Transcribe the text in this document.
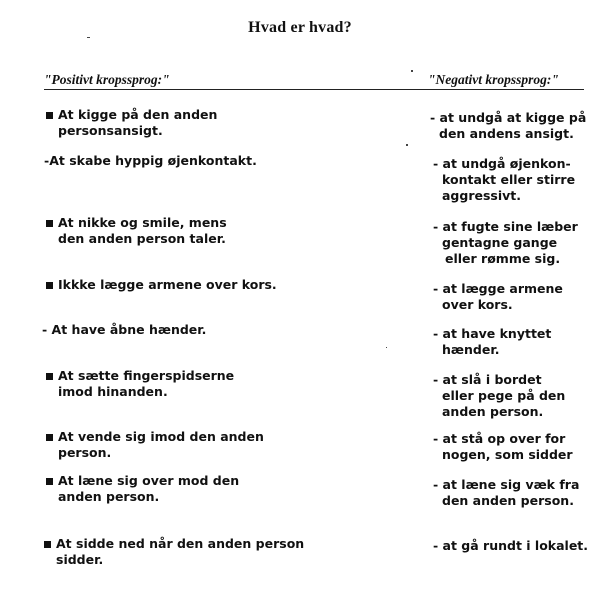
Hvad er hvad?
"Positivt kropssprog:"	"Negativt kropssprog:"
At kigge på den anden
personsansigt.
-At skabe hyppig øjenkontakt.
At nikke og smile, mens
den anden person taler.
Ikkke lægge armene over kors.
- At have åbne hænder.
At sætte fingerspidserne
imod hinanden.
At vende sig imod den anden
person.
At læne sig over mod den
anden person.
At sidde ned når den anden person
sidder.
- at undgå at kigge på
den andens ansigt.
- at undgå øjenkon-
kontakt eller stirre
aggressivt.
- at fugte sine læber
gentagne gange
eller rømme sig.
- at lægge armene
over kors.
- at have knyttet
hænder.
- at slå i bordet
eller pege på den
anden person.
- at stå op over for
nogen, som sidder
- at læne sig væk fra
den anden person.
- at gå rundt i lokalet.
